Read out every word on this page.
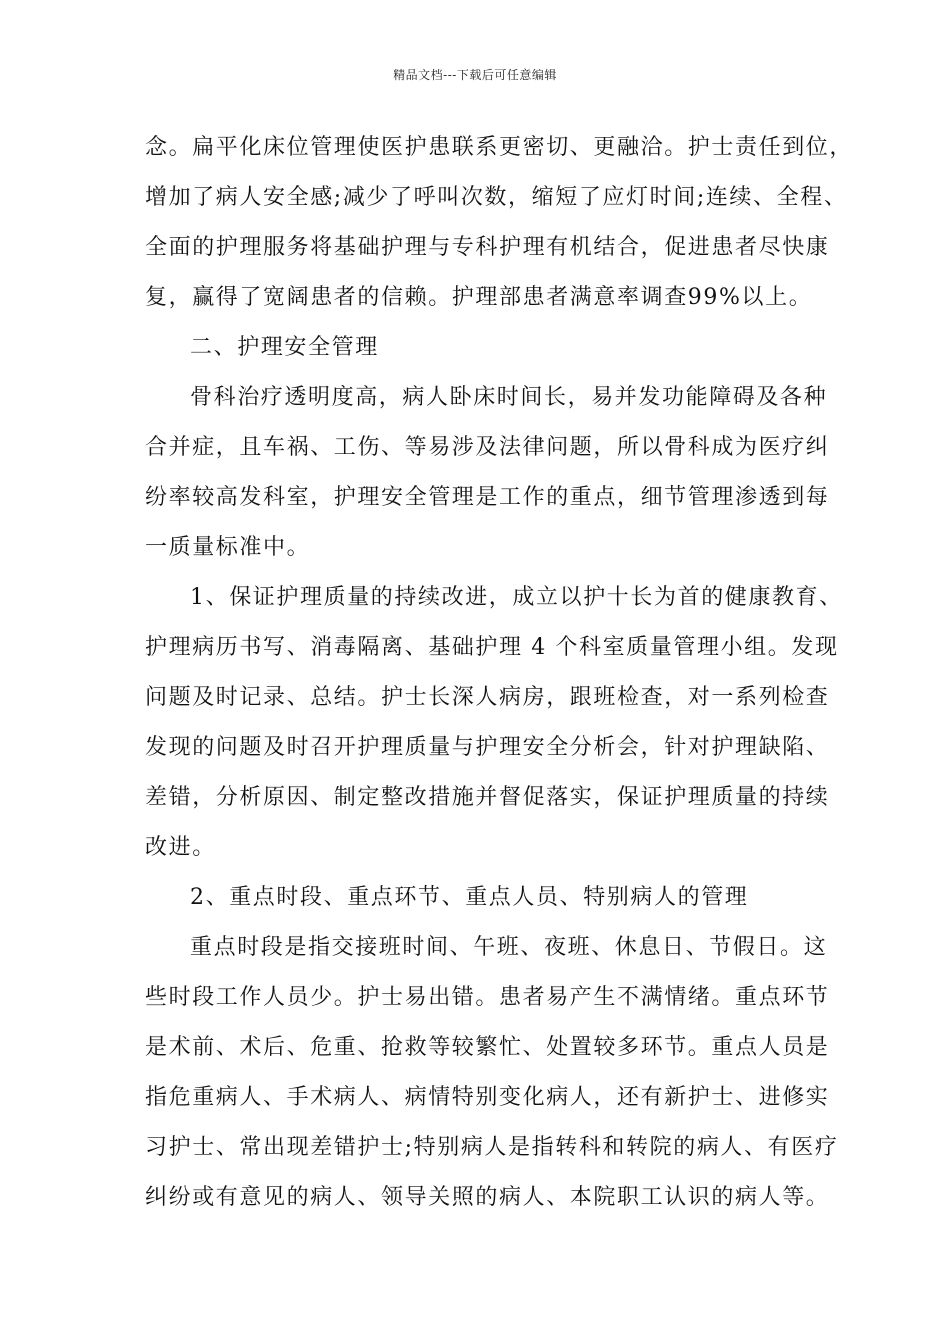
精品文档---下载后可任意编辑
念。扁平化床位管理使医护患联系更密切、更融洽。护士责任到位，
增加了病人安全感;减少了呼叫次数，缩短了应灯时间;连续、全程、
全面的护理服务将基础护理与专科护理有机结合，促进患者尽快康
复，赢得了宽阔患者的信赖。护理部患者满意率调查99%以上。
二、护理安全管理
骨科治疗透明度高，病人卧床时间长，易并发功能障碍及各种
合并症，且车祸、工伤、等易涉及法律问题，所以骨科成为医疗纠
纷率较高发科室，护理安全管理是工作的重点，细节管理渗透到每
一质量标准中。
1、保证护理质量的持续改进，成立以护十长为首的健康教育、
护理病历书写、消毒隔离、基础护理 4 个科室质量管理小组。发现
问题及时记录、总结。护士长深人病房，跟班检查，对一系列检查
发现的问题及时召开护理质量与护理安全分析会，针对护理缺陷、
差错，分析原因、制定整改措施并督促落实，保证护理质量的持续
改进。
2、重点时段、重点环节、重点人员、特别病人的管理
重点时段是指交接班时间、午班、夜班、休息日、节假日。这
些时段工作人员少。护士易出错。患者易产生不满情绪。重点环节
是术前、术后、危重、抢救等较繁忙、处置较多环节。重点人员是
指危重病人、手术病人、病情特别变化病人，还有新护士、进修实
习护士、常出现差错护士;特别病人是指转科和转院的病人、有医疗
纠纷或有意见的病人、领导关照的病人、本院职工认识的病人等。
